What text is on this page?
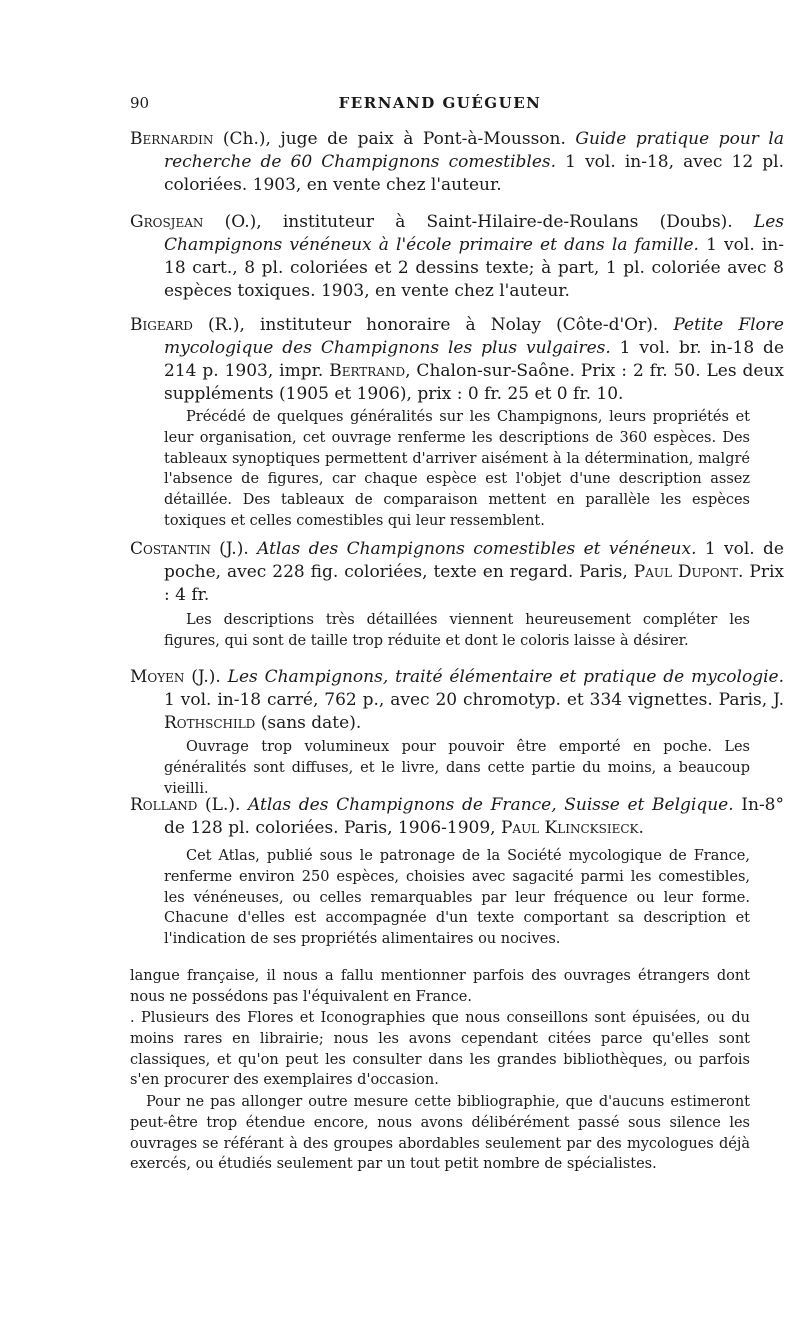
90	FERNAND GUÉGUEN
Bernardin (Ch.), juge de paix à Pont-à-Mousson. Guide pratique pour la recherche de 60 Champignons comestibles. 1 vol. in-18, avec 12 pl. coloriées. 1903, en vente chez l'auteur.
Grosjean (O.), instituteur à Saint-Hilaire-de-Roulans (Doubs). Les Champignons vénéneux à l'école primaire et dans la famille. 1 vol. in-18 cart., 8 pl. coloriées et 2 dessins texte; à part, 1 pl. coloriée avec 8 espèces toxiques. 1903, en vente chez l'auteur.
Bigeard (R.), instituteur honoraire à Nolay (Côte-d'Or). Petite Flore mycologique des Champignons les plus vulgaires. 1 vol. br. in-18 de 214 p. 1903, impr. Bertrand, Chalon-sur-Saône. Prix : 2 fr. 50. Les deux suppléments (1905 et 1906), prix : 0 fr. 25 et 0 fr. 10.
Précédé de quelques généralités sur les Champignons, leurs propriétés et leur organisation, cet ouvrage renferme les descriptions de 360 espèces. Des tableaux synoptiques permettent d'arriver aisément à la détermination, malgré l'absence de figures, car chaque espèce est l'objet d'une description assez détaillée. Des tableaux de comparaison mettent en parallèle les espèces toxiques et celles comestibles qui leur ressemblent.
Costantin (J.). Atlas des Champignons comestibles et vénéneux. 1 vol. de poche, avec 228 fig. coloriées, texte en regard. Paris, Paul Dupont. Prix : 4 fr.
Les descriptions très détaillées viennent heureusement compléter les figures, qui sont de taille trop réduite et dont le coloris laisse à désirer.
Moyen (J.). Les Champignons, traité élémentaire et pratique de mycologie. 1 vol. in-18 carré, 762 p., avec 20 chromotyp. et 334 vignettes. Paris, J. Rothschild (sans date).
Ouvrage trop volumineux pour pouvoir être emporté en poche. Les généralités sont diffuses, et le livre, dans cette partie du moins, a beaucoup vieilli.
Rolland (L.). Atlas des Champignons de France, Suisse et Belgique. In-8° de 128 pl. coloriées. Paris, 1906-1909, Paul Klincksieck.
Cet Atlas, publié sous le patronage de la Société mycologique de France, renferme environ 250 espèces, choisies avec sagacité parmi les comestibles, les vénéneuses, ou celles remarquables par leur fréquence ou leur forme. Chacune d'elles est accompagnée d'un texte comportant sa description et l'indication de ses propriétés alimentaires ou nocives.
langue française, il nous a fallu mentionner parfois des ouvrages étrangers dont nous ne possédons pas l'équivalent en France.
. Plusieurs des Flores et Iconographies que nous conseillons sont épuisées, ou du moins rares en librairie; nous les avons cependant citées parce qu'elles sont classiques, et qu'on peut les consulter dans les grandes bibliothèques, ou parfois s'en procurer des exemplaires d'occasion.
Pour ne pas allonger outre mesure cette bibliographie, que d'aucuns estimeront peut-être trop étendue encore, nous avons délibérément passé sous silence les ouvrages se référant à des groupes abordables seulement par des mycologues déjà exercés, ou étudiés seulement par un tout petit nombre de spécialistes.
